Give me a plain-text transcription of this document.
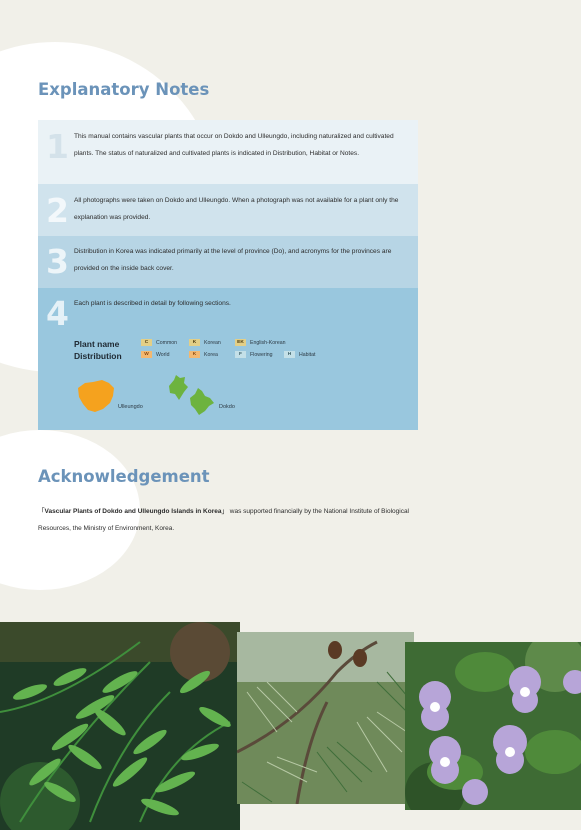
Explanatory Notes
1 This manual contains vascular plants that occur on Dokdo and Ulleungdo, including naturalized and cultivated plants. The status of naturalized and cultivated plants is indicated in Distribution, Habitat or Notes.
2 All photographs were taken on Dokdo and Ulleungdo. When a photograph was not available for a plant only the explanation was provided.
3 Distribution in Korea was indicated primarily at the level of province (Do), and acronyms for the provinces are provided on the inside back cover.
4 Each plant is described in detail by following sections.
Plant name
Distribution
C Common	K Korean	EK English-Korean
W World	K Korea	F Flowering	H Habitat
Ulleungdo	Dokdo
Acknowledgement
「Vascular Plants of Dokdo and Ulleungdo Islands in Korea」 was supported financially by the National Institute of Biological Resources, the Ministry of Environment, Korea.
